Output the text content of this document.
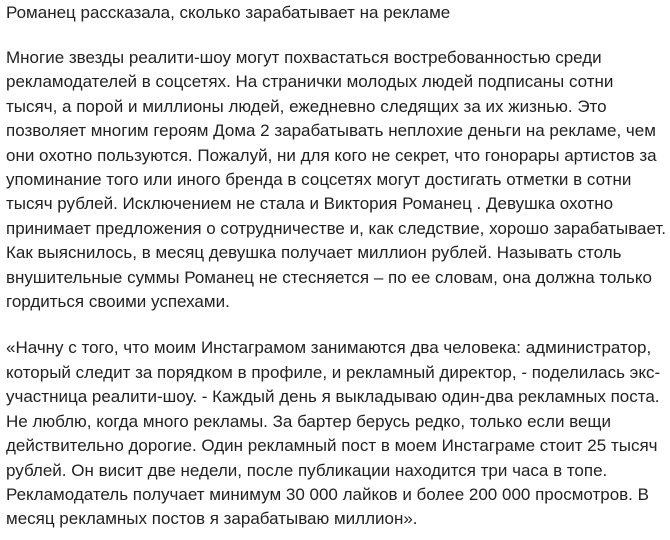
Романец рассказала, сколько зарабатывает на рекламе

Многие звезды реалити-шоу могут похвастаться востребованностью среди рекламодателей в соцсетях. На странички молодых людей подписаны сотни тысяч, а порой и миллионы людей, ежедневно следящих за их жизнью. Это позволяет многим героям Дома 2 зарабатывать неплохие деньги на рекламе, чем они охотно пользуются. Пожалуй, ни для кого не секрет, что гонорары артистов за упоминание того или иного бренда в соцсетях могут достигать отметки в сотни тысяч рублей. Исключением не стала и Виктория Романец . Девушка охотно принимает предложения о сотрудничестве и, как следствие, хорошо зарабатывает. Как выяснилось, в месяц девушка получает миллион рублей. Называть столь внушительные суммы Романец не стесняется – по ее словам, она должна только гордиться своими успехами.

«Начну с того, что моим Инстаграмом занимаются два человека: администратор, который следит за порядком в профиле, и рекламный директор, - поделилась экс-участница реалити-шоу. - Каждый день я выкладываю один-два рекламных поста. Не люблю, когда много рекламы. За бартер берусь редко, только если вещи действительно дорогие. Один рекламный пост в моем Инстаграме стоит 25 тысяч рублей. Он висит две недели, после публикации находится три часа в топе. Рекламодатель получает минимум 30 000 лайков и более 200 000 просмотров. В месяц рекламных постов я зарабатываю миллион».
